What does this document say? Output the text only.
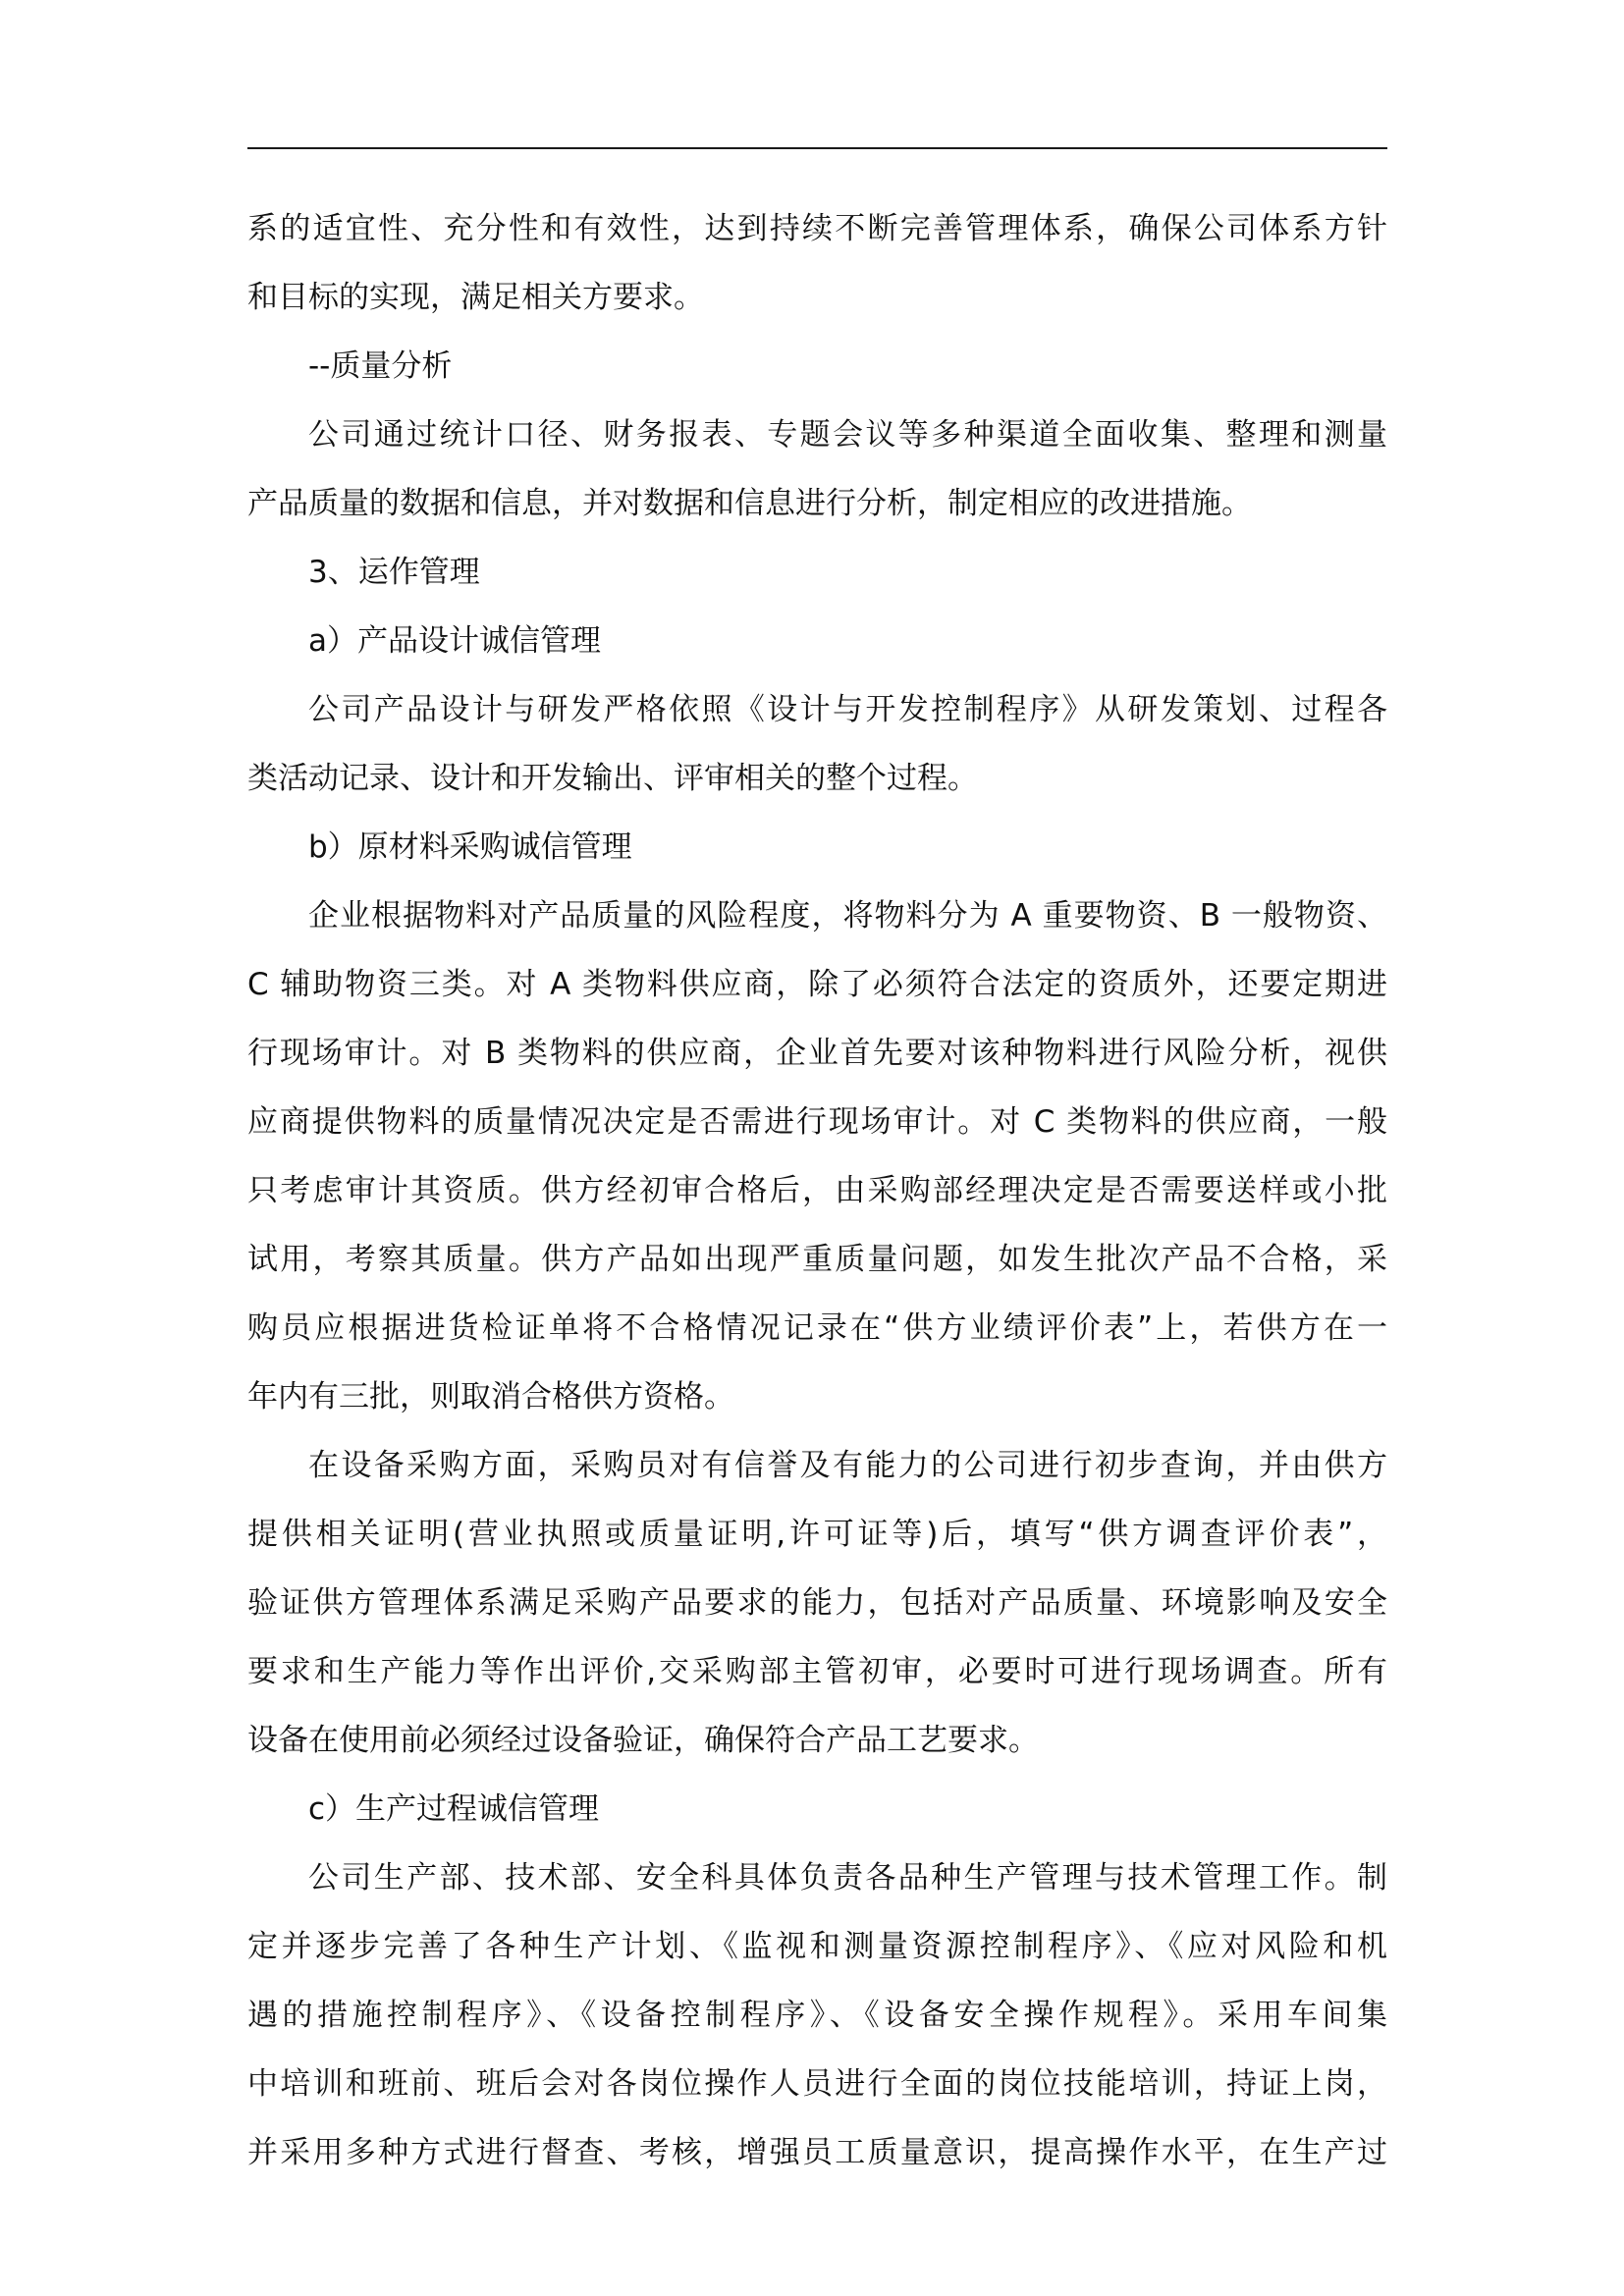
系的适宜性、充分性和有效性，达到持续不断完善管理体系，确保公司体系方针

和目标的实现，满足相关方要求。

--质量分析

公司通过统计口径、财务报表、专题会议等多种渠道全面收集、整理和测量

产品质量的数据和信息，并对数据和信息进行分析，制定相应的改进措施。

3、运作管理

a）产品设计诚信管理

公司产品设计与研发严格依照《设计与开发控制程序》从研发策划、过程各

类活动记录、设计和开发输出、评审相关的整个过程。

b）原材料采购诚信管理

企业根据物料对产品质量的风险程度，将物料分为 A 重要物资、B 一般物资、

C 辅助物资三类。对 A 类物料供应商，除了必须符合法定的资质外，还要定期进

行现场审计。对 B 类物料的供应商，企业首先要对该种物料进行风险分析，视供

应商提供物料的质量情况决定是否需进行现场审计。对 C 类物料的供应商，一般

只考虑审计其资质。供方经初审合格后，由采购部经理决定是否需要送样或小批

试用，考察其质量。供方产品如出现严重质量问题，如发生批次产品不合格，采

购员应根据进货检证单将不合格情况记录在“供方业绩评价表”上，若供方在一

年内有三批，则取消合格供方资格。

在设备采购方面，采购员对有信誉及有能力的公司进行初步查询，并由供方

提供相关证明(营业执照或质量证明,许可证等)后，填写“供方调查评价表”，

验证供方管理体系满足采购产品要求的能力，包括对产品质量、环境影响及安全

要求和生产能力等作出评价,交采购部主管初审，必要时可进行现场调查。所有

设备在使用前必须经过设备验证，确保符合产品工艺要求。

c）生产过程诚信管理

公司生产部、技术部、安全科具体负责各品种生产管理与技术管理工作。制

定并逐步完善了各种生产计划、《监视和测量资源控制程序》、《应对风险和机

遇的措施控制程序》、《设备控制程序》、《设备安全操作规程》。采用车间集

中培训和班前、班后会对各岗位操作人员进行全面的岗位技能培训，持证上岗，

并采用多种方式进行督查、考核，增强员工质量意识，提高操作水平，在生产过
